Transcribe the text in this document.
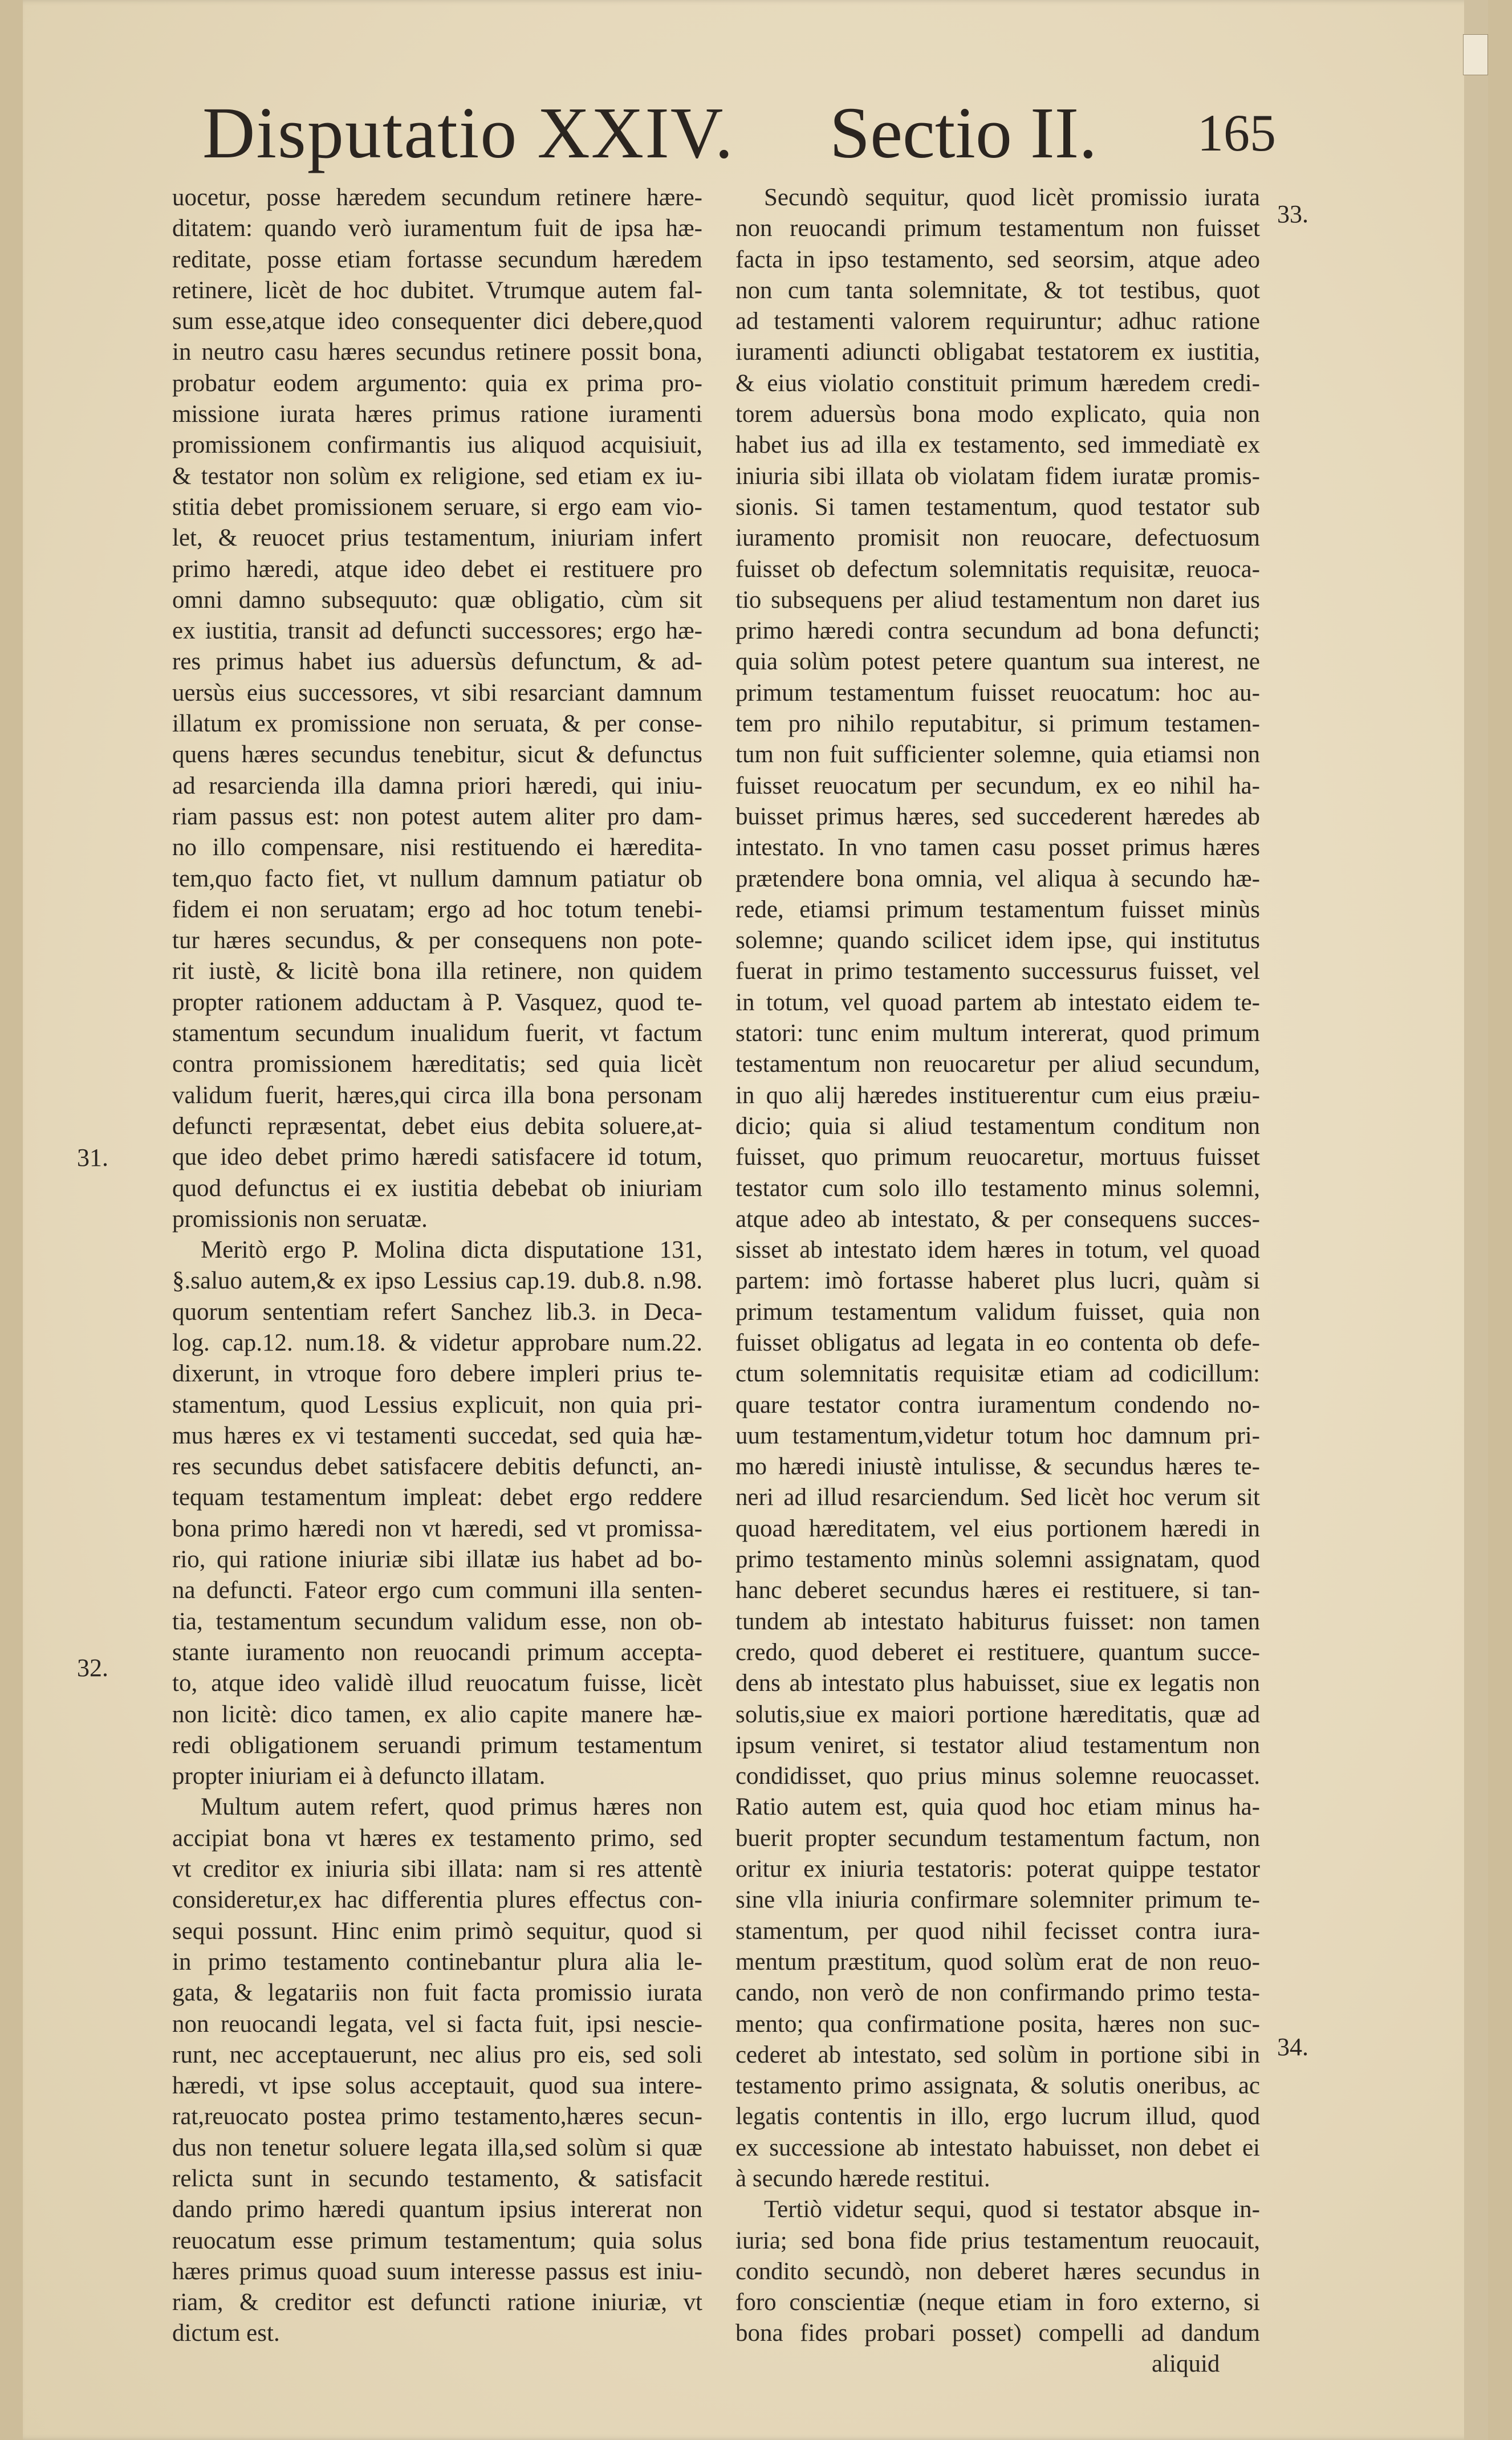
Disputatio XXIV. Sectio II. 165
uocetur, posse hæredem secundum retinere hære-
ditatem: quando verò iuramentum fuit de ipsa hæ-
reditate, posse etiam fortasse secundum hæredem
retinere, licèt de hoc dubitet. Vtrumque autem fal-
sum esse,atque ideo consequenter dici debere,quod
in neutro casu hæres secundus retinere possit bona,
probatur eodem argumento: quia ex prima pro-
missione iurata hæres primus ratione iuramenti
promissionem confirmantis ius aliquod acquisiuit,
& testator non solùm ex religione, sed etiam ex iu-
stitia debet promissionem seruare, si ergo eam vio-
let, & reuocet prius testamentum, iniuriam infert
primo hæredi, atque ideo debet ei restituere pro
omni damno subsequuto: quæ obligatio, cùm sit
ex iustitia, transit ad defuncti successores; ergo hæ-
res primus habet ius aduersùs defunctum, & ad-
uersùs eius successores, vt sibi resarciant damnum
illatum ex promissione non seruata, & per conse-
quens hæres secundus tenebitur, sicut & defunctus
ad resarcienda illa damna priori hæredi, qui iniu-
riam passus est: non potest autem aliter pro dam-
no illo compensare, nisi restituendo ei hæredita-
tem,quo facto fiet, vt nullum damnum patiatur ob
fidem ei non seruatam; ergo ad hoc totum tenebi-
tur hæres secundus, & per consequens non pote-
rit iustè, & licitè bona illa retinere, non quidem
propter rationem adductam à P. Vasquez, quod te-
stamentum secundum inualidum fuerit, vt factum
contra promissionem hæreditatis; sed quia licèt
validum fuerit, hæres,qui circa illa bona personam
defuncti repræsentat, debet eius debita soluere,at-
que ideo debet primo hæredi satisfacere id totum,
quod defunctus ei ex iustitia debebat ob iniuriam
promissionis non seruatæ.
Meritò ergo P. Molina dicta disputatione 131,
§.saluo autem,& ex ipso Lessius cap.19. dub.8. n.98.
quorum sententiam refert Sanchez lib.3. in Deca-
log. cap.12. num.18. & videtur approbare num.22.
dixerunt, in vtroque foro debere impleri prius te-
stamentum, quod Lessius explicuit, non quia pri-
mus hæres ex vi testamenti succedat, sed quia hæ-
res secundus debet satisfacere debitis defuncti, an-
tequam testamentum impleat: debet ergo reddere
bona primo hæredi non vt hæredi, sed vt promissa-
rio, qui ratione iniuriæ sibi illatæ ius habet ad bo-
na defuncti. Fateor ergo cum communi illa senten-
tia, testamentum secundum validum esse, non ob-
stante iuramento non reuocandi primum accepta-
to, atque ideo validè illud reuocatum fuisse, licèt
non licitè: dico tamen, ex alio capite manere hæ-
redi obligationem seruandi primum testamentum
propter iniuriam ei à defuncto illatam.
Multum autem refert, quod primus hæres non
accipiat bona vt hæres ex testamento primo, sed
vt creditor ex iniuria sibi illata: nam si res attentè
consideretur,ex hac differentia plures effectus con-
sequi possunt. Hinc enim primò sequitur, quod si
in primo testamento continebantur plura alia le-
gata, & legatariis non fuit facta promissio iurata
non reuocandi legata, vel si facta fuit, ipsi nescie-
runt, nec acceptauerunt, nec alius pro eis, sed soli
hæredi, vt ipse solus acceptauit, quod sua intere-
rat,reuocato postea primo testamento,hæres secun-
dus non tenetur soluere legata illa,sed solùm si quæ
relicta sunt in secundo testamento, & satisfacit
dando primo hæredi quantum ipsius intererat non
reuocatum esse primum testamentum; quia solus
hæres primus quoad suum interesse passus est iniu-
riam, & creditor est defuncti ratione iniuriæ, vt
dictum est.
Secundò sequitur, quod licèt promissio iurata
non reuocandi primum testamentum non fuisset
facta in ipso testamento, sed seorsim, atque adeo
non cum tanta solemnitate, & tot testibus, quot
ad testamenti valorem requiruntur; adhuc ratione
iuramenti adiuncti obligabat testatorem ex iustitia,
& eius violatio constituit primum hæredem credi-
torem aduersùs bona modo explicato, quia non
habet ius ad illa ex testamento, sed immediatè ex
iniuria sibi illata ob violatam fidem iuratæ promis-
sionis. Si tamen testamentum, quod testator sub
iuramento promisit non reuocare, defectuosum
fuisset ob defectum solemnitatis requisitæ, reuoca-
tio subsequens per aliud testamentum non daret ius
primo hæredi contra secundum ad bona defuncti;
quia solùm potest petere quantum sua interest, ne
primum testamentum fuisset reuocatum: hoc au-
tem pro nihilo reputabitur, si primum testamen-
tum non fuit sufficienter solemne, quia etiamsi non
fuisset reuocatum per secundum, ex eo nihil ha-
buisset primus hæres, sed succederent hæredes ab
intestato. In vno tamen casu posset primus hæres
prætendere bona omnia, vel aliqua à secundo hæ-
rede, etiamsi primum testamentum fuisset minùs
solemne; quando scilicet idem ipse, qui institutus
fuerat in primo testamento successurus fuisset, vel
in totum, vel quoad partem ab intestato eidem te-
statori: tunc enim multum intererat, quod primum
testamentum non reuocaretur per aliud secundum,
in quo alij hæredes instituerentur cum eius præiu-
dicio; quia si aliud testamentum conditum non
fuisset, quo primum reuocaretur, mortuus fuisset
testator cum solo illo testamento minus solemni,
atque adeo ab intestato, & per consequens succes-
sisset ab intestato idem hæres in totum, vel quoad
partem: imò fortasse haberet plus lucri, quàm si
primum testamentum validum fuisset, quia non
fuisset obligatus ad legata in eo contenta ob defe-
ctum solemnitatis requisitæ etiam ad codicillum:
quare testator contra iuramentum condendo no-
uum testamentum,videtur totum hoc damnum pri-
mo hæredi iniustè intulisse, & secundus hæres te-
neri ad illud resarciendum. Sed licèt hoc verum sit
quoad hæreditatem, vel eius portionem hæredi in
primo testamento minùs solemni assignatam, quod
hanc deberet secundus hæres ei restituere, si tan-
tundem ab intestato habiturus fuisset: non tamen
credo, quod deberet ei restituere, quantum succe-
dens ab intestato plus habuisset, siue ex legatis non
solutis,siue ex maiori portione hæreditatis, quæ ad
ipsum veniret, si testator aliud testamentum non
condidisset, quo prius minus solemne reuocasset.
Ratio autem est, quia quod hoc etiam minus ha-
buerit propter secundum testamentum factum, non
oritur ex iniuria testatoris: poterat quippe testator
sine vlla iniuria confirmare solemniter primum te-
stamentum, per quod nihil fecisset contra iura-
mentum præstitum, quod solùm erat de non reuo-
cando, non verò de non confirmando primo testa-
mento; qua confirmatione posita, hæres non suc-
cederet ab intestato, sed solùm in portione sibi in
testamento primo assignata, & solutis oneribus, ac
legatis contentis in illo, ergo lucrum illud, quod
ex successione ab intestato habuisset, non debet ei
à secundo hærede restitui.
Tertiò videtur sequi, quod si testator absque in-
iuria; sed bona fide prius testamentum reuocauit,
condito secundò, non deberet hæres secundus in
foro conscientiæ (neque etiam in foro externo, si
bona fides probari posset) compelli ad dandum
31.
32.
33.
34.
aliquid
